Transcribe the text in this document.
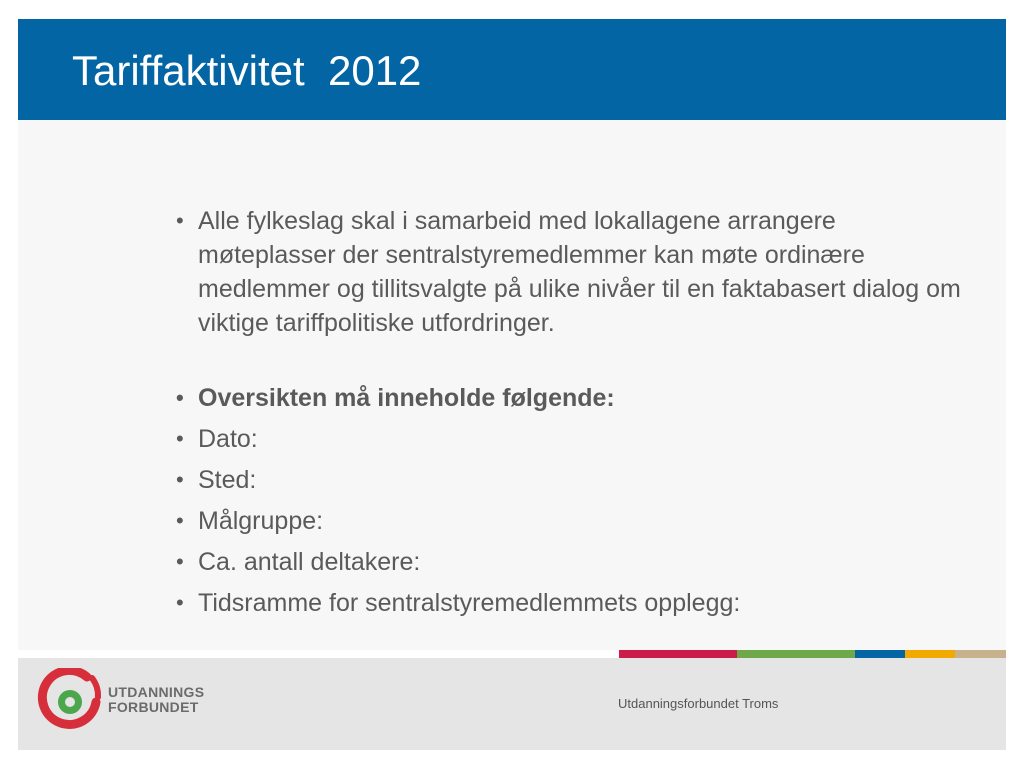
Tariffaktivitet  2012
• Alle fylkeslag skal i samarbeid med lokallagene arrangere møteplasser der sentralstyremedlemmer kan møte ordinære medlemmer og tillitsvalgte på ulike nivåer til en faktabasert dialog om viktige tariffpolitiske utfordringer.
• Oversikten må inneholde følgende:
• Dato:
• Sted:
• Målgruppe:
• Ca. antall deltakere:
• Tidsramme for sentralstyremedlemmets opplegg:
UTDANNINGS
FORBUNDET	Utdanningsforbundet Troms
